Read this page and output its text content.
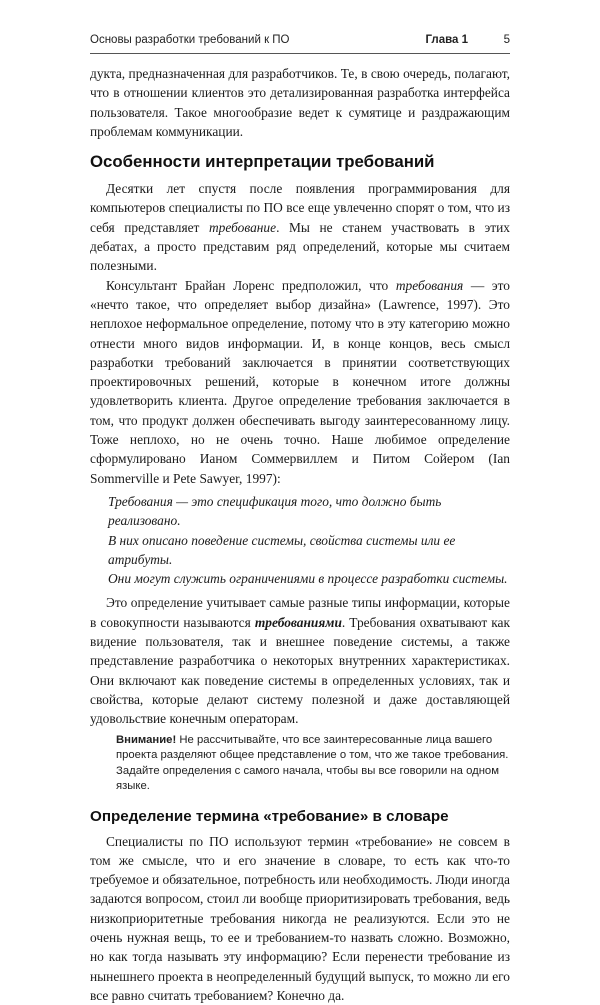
Основы разработки требований к ПО	Глава 1	5

дукта, предназначенная для разработчиков. Те, в свою очередь, полагают, что в отношении клиентов это детализированная разработка интерфейса пользователя. Такое многообразие ведет к сумятице и раздражающим проблемам коммуникации.

Особенности интерпретации требований

Десятки лет спустя после появления программирования для компьютеров специалисты по ПО все еще увлеченно спорят о том, что из себя представляет требование. Мы не станем участвовать в этих дебатах, а просто представим ряд определений, которые мы считаем полезными.

Консультант Брайан Лоренс предположил, что требования — это «нечто такое, что определяет выбор дизайна» (Lawrence, 1997). Это неплохое неформальное определение, потому что в эту категорию можно отнести много видов информации. И, в конце концов, весь смысл разработки требований заключается в принятии соответствующих проектировочных решений, которые в конечном итоге должны удовлетворить клиента. Другое определение требования заключается в том, что продукт должен обеспечивать выгоду заинтересованному лицу. Тоже неплохо, но не очень точно. Наше любимое определение сформулировано Ианом Соммервиллем и Питом Сойером (Ian Sommerville и Pete Sawyer, 1997):

Требования — это спецификация того, что должно быть реализовано.
В них описано поведение системы, свойства системы или ее атрибуты.
Они могут служить ограничениями в процессе разработки системы.

Это определение учитывает самые разные типы информации, которые в совокупности называются требованиями. Требования охватывают как видение пользователя, так и внешнее поведение системы, а также представление разработчика о некоторых внутренних характеристиках. Они включают как поведение системы в определенных условиях, так и свойства, которые делают систему полезной и даже доставляющей удовольствие конечным операторам.

Внимание! Не рассчитывайте, что все заинтересованные лица вашего проекта разделяют общее представление о том, что же такое требования. Задайте определения с самого начала, чтобы вы все говорили на одном языке.

Определение термина «требование» в словаре

Специалисты по ПО используют термин «требование» не совсем в том же смысле, что и его значение в словаре, то есть как что-то требуемое и обязательное, потребность или необходимость. Люди иногда задаются вопросом, стоил ли вообще приоритизировать требования, ведь низкоприоритетные требования никогда не реализуются. Если это не очень нужная вещь, то ее и требованием-то назвать сложно. Возможно, но как тогда называть эту информацию? Если перенести требование из нынешнего проекта в неопределенный будущий выпуск, то можно ли его все равно считать требованием? Конечно да.
